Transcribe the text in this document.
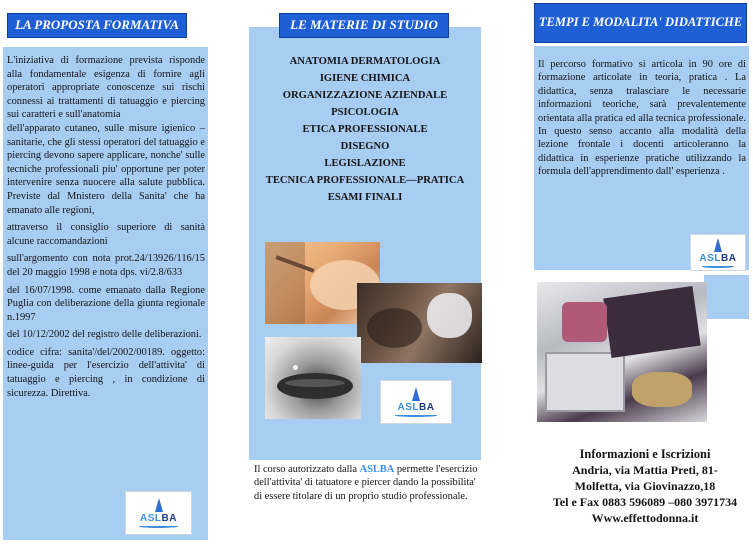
LA PROPOSTA FORMATIVA

L'iniziativa di formazione prevista risponde alla fondamentale esigenza di fornire agli operatori appropriate conoscenze sui rischi connessi ai trattamenti di tatuaggio e piercing sui caratteri e sull'anatomia

dell'apparato cutaneo, sulle misure igienico – sanitarie, che gli stessi operatori del tatuaggio e piercing devono sapere applicare, nonche' sulle tecniche professionali piu' opportune per poter intervenire senza nuocere alla salute pubblica. Previste dal Mnistero della Sanita' che ha emanato alle regioni,

attraverso il consiglio superiore di sanità alcune raccomandazioni

sull'argomento con nota prot.24/13926/116/15 del 20 maggio 1998 e nota dps. vi/2.8/633

del 16/07/1998. come emanato dalla Regione Puglia con deliberazione della giunta regionale n.1997

del 10/12/2002 del registro delle deliberazioni.

codice cifra: sanita'/del/2002/00189. oggetto: linee-guida per l'esercizio dell'attivita' di tatuaggio e piercing , in condizione di sicurezza. Direttiva.

ASLBA
LE MATERIE DI STUDIO
ANATOMIA DERMATOLOGIA
IGIENE CHIMICA
ORGANIZZAZIONE AZIENDALE
PSICOLOGIA
ETICA PROFESSIONALE
DISEGNO
LEGISLAZIONE
TECNICA PROFESSIONALE—PRATICA
ESAMI FINALI
ASLBA
Il corso autorizzato dalla ASLBA permette l'esercizio dell'attivita' di tatuatore e piercer dando la possibilita' di essere titolare di un proprio studio professionale.
TEMPI E MODALITA' DIDATTICHE
Il percorso formativo si articola in 90 ore di formazione articolate in teoria, pratica . La didattica, senza tralasciare le necessarie informazioni teoriche, sarà prevalentemente orientata alla pratica ed alla tecnica professionale. In questo senso accanto alla modalità della lezione frontale i docenti articoleranno la didattica in esperienze pratiche utilizzando la formula dell'apprendimento dall' esperienza .
ASLBA
Informazioni e Iscrizioni
Andria, via Mattia Preti, 81-
Molfetta, via Giovinazzo,18
Tel e Fax 0883 596089 –080 3971734
Www.effettodonna.it
